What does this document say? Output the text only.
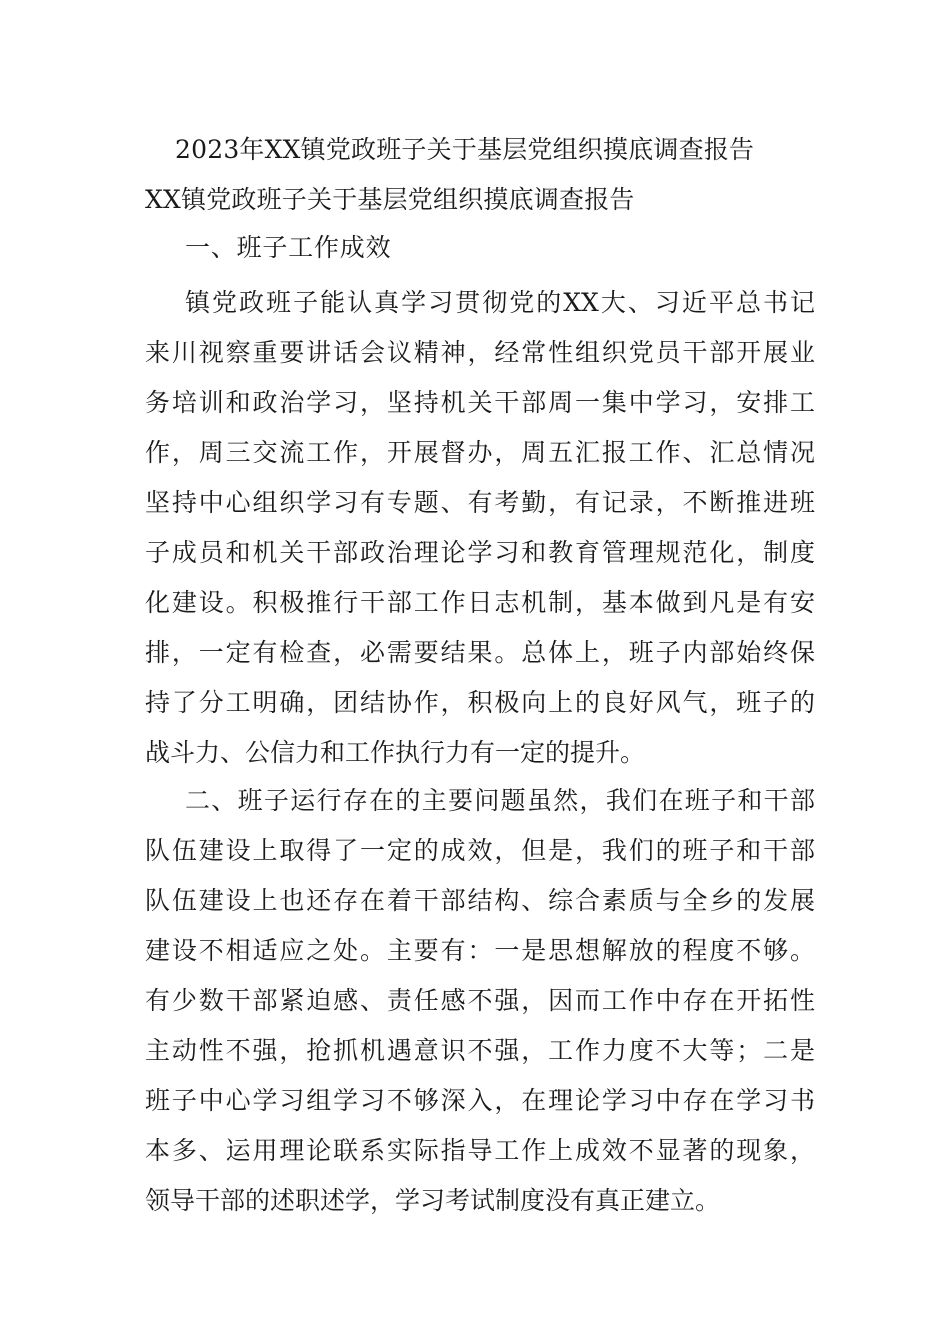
2023年XX镇党政班子关于基层党组织摸底调查报告
XX镇党政班子关于基层党组织摸底调查报告
一、班子工作成效
镇党政班子能认真学习贯彻党的XX大、习近平总书记
来川视察重要讲话会议精神，经常性组织党员干部开展业
务培训和政治学习，坚持机关干部周一集中学习，安排工
作，周三交流工作，开展督办，周五汇报工作、汇总情况
坚持中心组织学习有专题、有考勤，有记录，不断推进班
子成员和机关干部政治理论学习和教育管理规范化，制度
化建设。积极推行干部工作日志机制，基本做到凡是有安
排，一定有检查，必需要结果。总体上，班子内部始终保
持了分工明确，团结协作，积极向上的良好风气，班子的
战斗力、公信力和工作执行力有一定的提升。
二、班子运行存在的主要问题虽然，我们在班子和干部
队伍建设上取得了一定的成效，但是，我们的班子和干部
队伍建设上也还存在着干部结构、综合素质与全乡的发展
建设不相适应之处。主要有：一是思想解放的程度不够。
有少数干部紧迫感、责任感不强，因而工作中存在开拓性
主动性不强，抢抓机遇意识不强，工作力度不大等；二是
班子中心学习组学习不够深入，在理论学习中存在学习书
本多、运用理论联系实际指导工作上成效不显著的现象，
领导干部的述职述学，学习考试制度没有真正建立。
